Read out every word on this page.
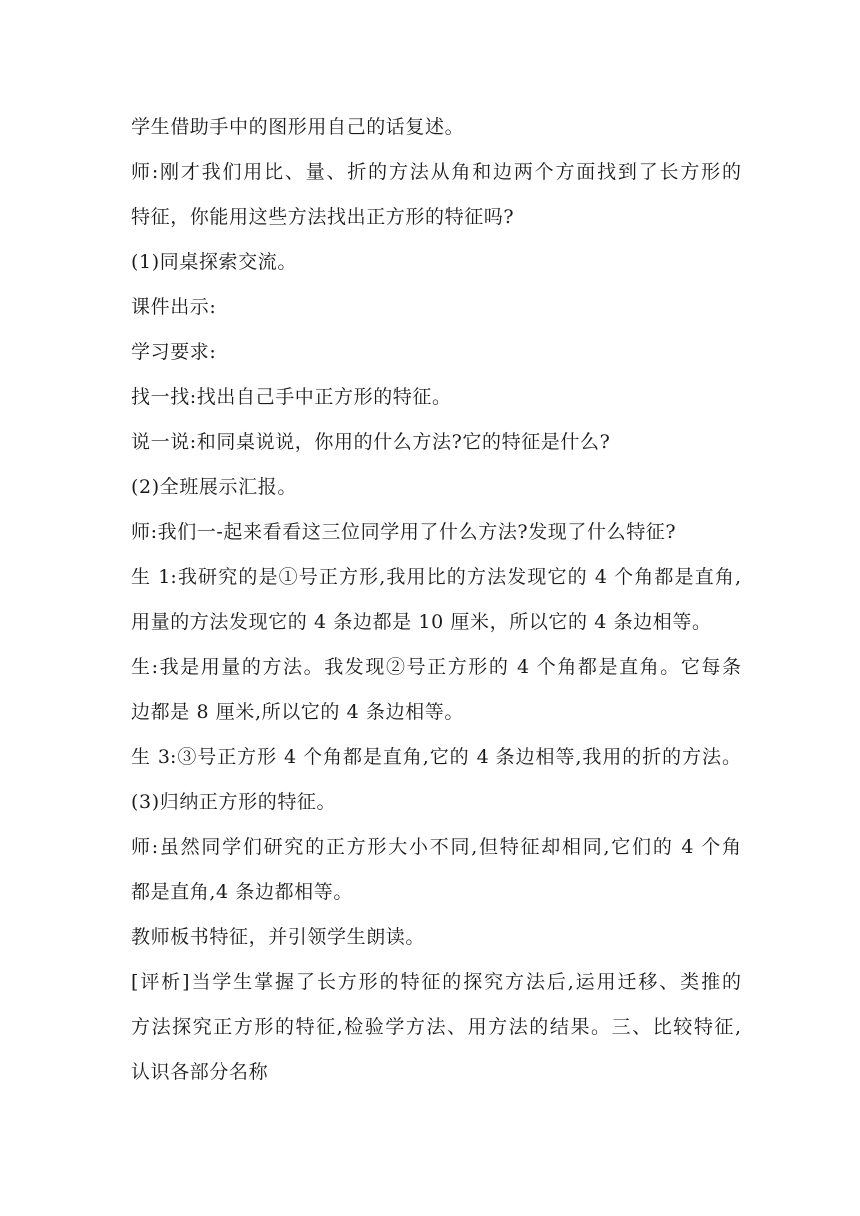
学生借助手中的图形用自己的话复述。
师:刚才我们用比、量、折的方法从角和边两个方面找到了长方形的
特征，你能用这些方法找出正方形的特征吗?
(1)同桌探索交流。
课件出示:
学习要求:
找一找:找出自己手中正方形的特征。
说一说:和同桌说说，你用的什么方法?它的特征是什么?
(2)全班展示汇报。
师:我们一-起来看看这三位同学用了什么方法?发现了什么特征?
生 1:我研究的是①号正方形,我用比的方法发现它的 4 个角都是直角,
用量的方法发现它的 4 条边都是 10 厘米，所以它的 4 条边相等。
生:我是用量的方法。我发现②号正方形的 4 个角都是直角。它每条
边都是 8 厘米,所以它的 4 条边相等。
生 3:③号正方形 4 个角都是直角,它的 4 条边相等,我用的折的方法。
(3)归纳正方形的特征。
师:虽然同学们研究的正方形大小不同,但特征却相同,它们的 4 个角
都是直角,4 条边都相等。
教师板书特征，并引领学生朗读。
[评析]当学生掌握了长方形的特征的探究方法后,运用迁移、类推的
方法探究正方形的特征,检验学方法、用方法的结果。三、比较特征,
认识各部分名称
